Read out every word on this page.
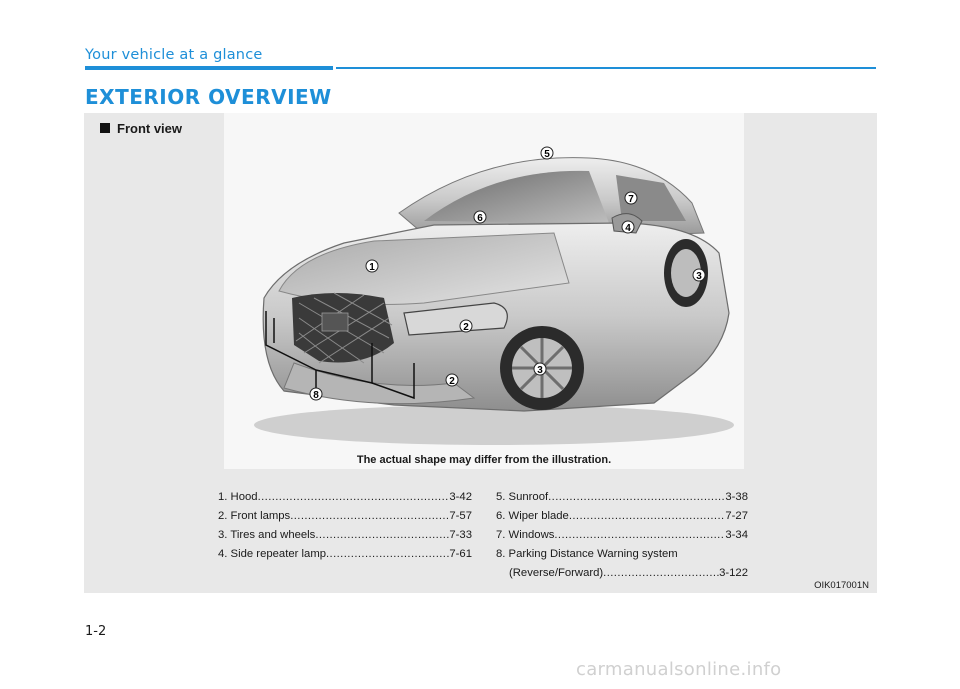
Your vehicle at a glance
EXTERIOR OVERVIEW
Front view
5
7
6
4
1
3
2
3
2
8
The actual shape may differ from the illustration.
1. Hood .....	3-42
2. Front lamps .....	7-57
3. Tires and wheels .....	7-33
4. Side repeater lamp .....	7-61
5. Sunroof .....	3-38
6. Wiper blade .....	7-27
7. Windows .....	3-34
8. Parking Distance Warning system
(Reverse/Forward) .....	3-122
OIK017001N
1-2
carmanualsonline.info
